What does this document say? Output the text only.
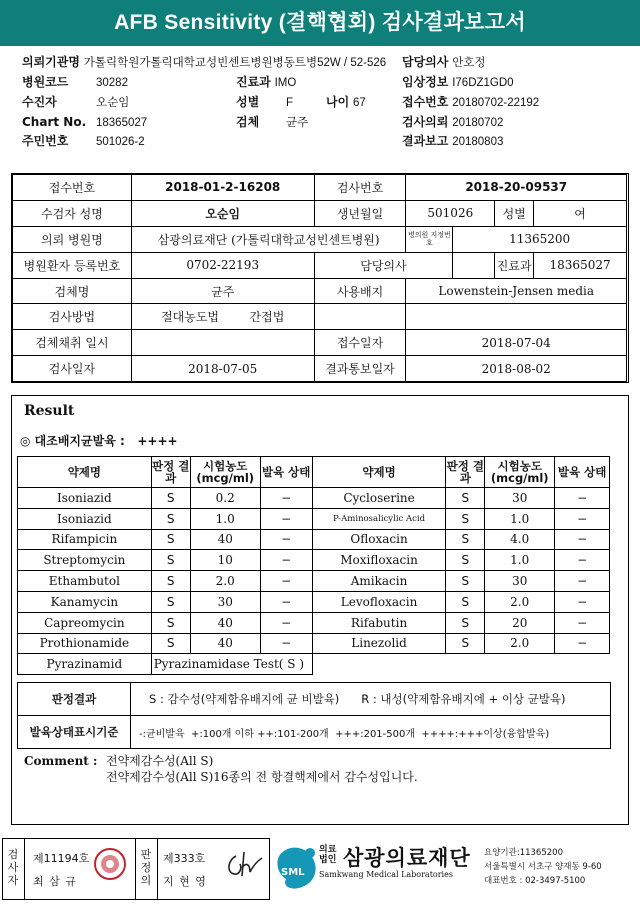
AFB Sensitivity (결핵협회) 검사결과보고서
의뢰기관명 가톨릭학원가톨릭대학교성빈센트병원병동트병52W / 52-526 담당의사 안호정
병원코드 30282	진료과 IMO	임상정보 I76DZ1GD0
수진자	오순임	성별 F	나이 67	접수번호 20180702-22192
Chart No. 18365027	검체 균주	검사의뢰 20180702
주민번호 501026-2	결과보고 20180803
접수번호	2018-01-2-16208	검사번호	2018-20-09537			
수검자 성명	오순임	생년월일	501026		성별	여
의뢰 병원명	삼광의료재단 (가톨릭대학교성빈센트병원)		병의원 지정번호	11365200		
병원환자 등록번호	0702-22193	담당의사			진료과	18365027
검체명	균주	사용배지	Lowenstein-Jensen media			
검사방법	절대농도법 간접법					
검체채취 일시		접수일자	2018-07-04			
검사일자	2018-07-05	결과통보일자	2018-08-02			
Result
◎ 대조배지균발육 : ++++
약제명	판정 결과	시험농도 (mcg/ml)	발육 상태	약제명	판정 결과	시험농도 (mcg/ml)	발육 상태
Isoniazid	S	0.2	−	Cycloserine	S	30	−
Isoniazid	S	1.0	−	P-Aminosalicylic Acid	S	1.0	−
Rifampicin	S	40	−	Ofloxacin	S	4.0	−
Streptomycin	S	10	−	Moxifloxacin	S	1.0	−
Ethambutol	S	2.0	−	Amikacin	S	30	−
Kanamycin	S	30	−	Levofloxacin	S	2.0	−
Capreomycin	S	40	−	Rifabutin	S	20	−
Prothionamide	S	40	−	Linezolid	S	2.0	−
Pyrazinamid	Pyrazinamidase Test( S )						
판정결과	S : 감수성(약제함유배지에 균 비발육)      R : 내성(약제함유배지에 + 이상 균발육)
발육상태표시기준	-:균비발육  +:100개 이하 ++:101-200개  +++:201-500개  ++++:+++이상(융합발육)
Comment : 전약제감수성(All S)
전약제감수성(All S)16종의 전 항결핵제에서 감수성입니다.
검사자
제11194호
최 삼 규
판정의
제333호
지 현 영
SML
의료
법인 삼광의료재단
Samkwang Medical Laboratories
요양기관:11365200
서울특별시 서초구 양재동 9-60
대표번호 : 02-3497-5100
